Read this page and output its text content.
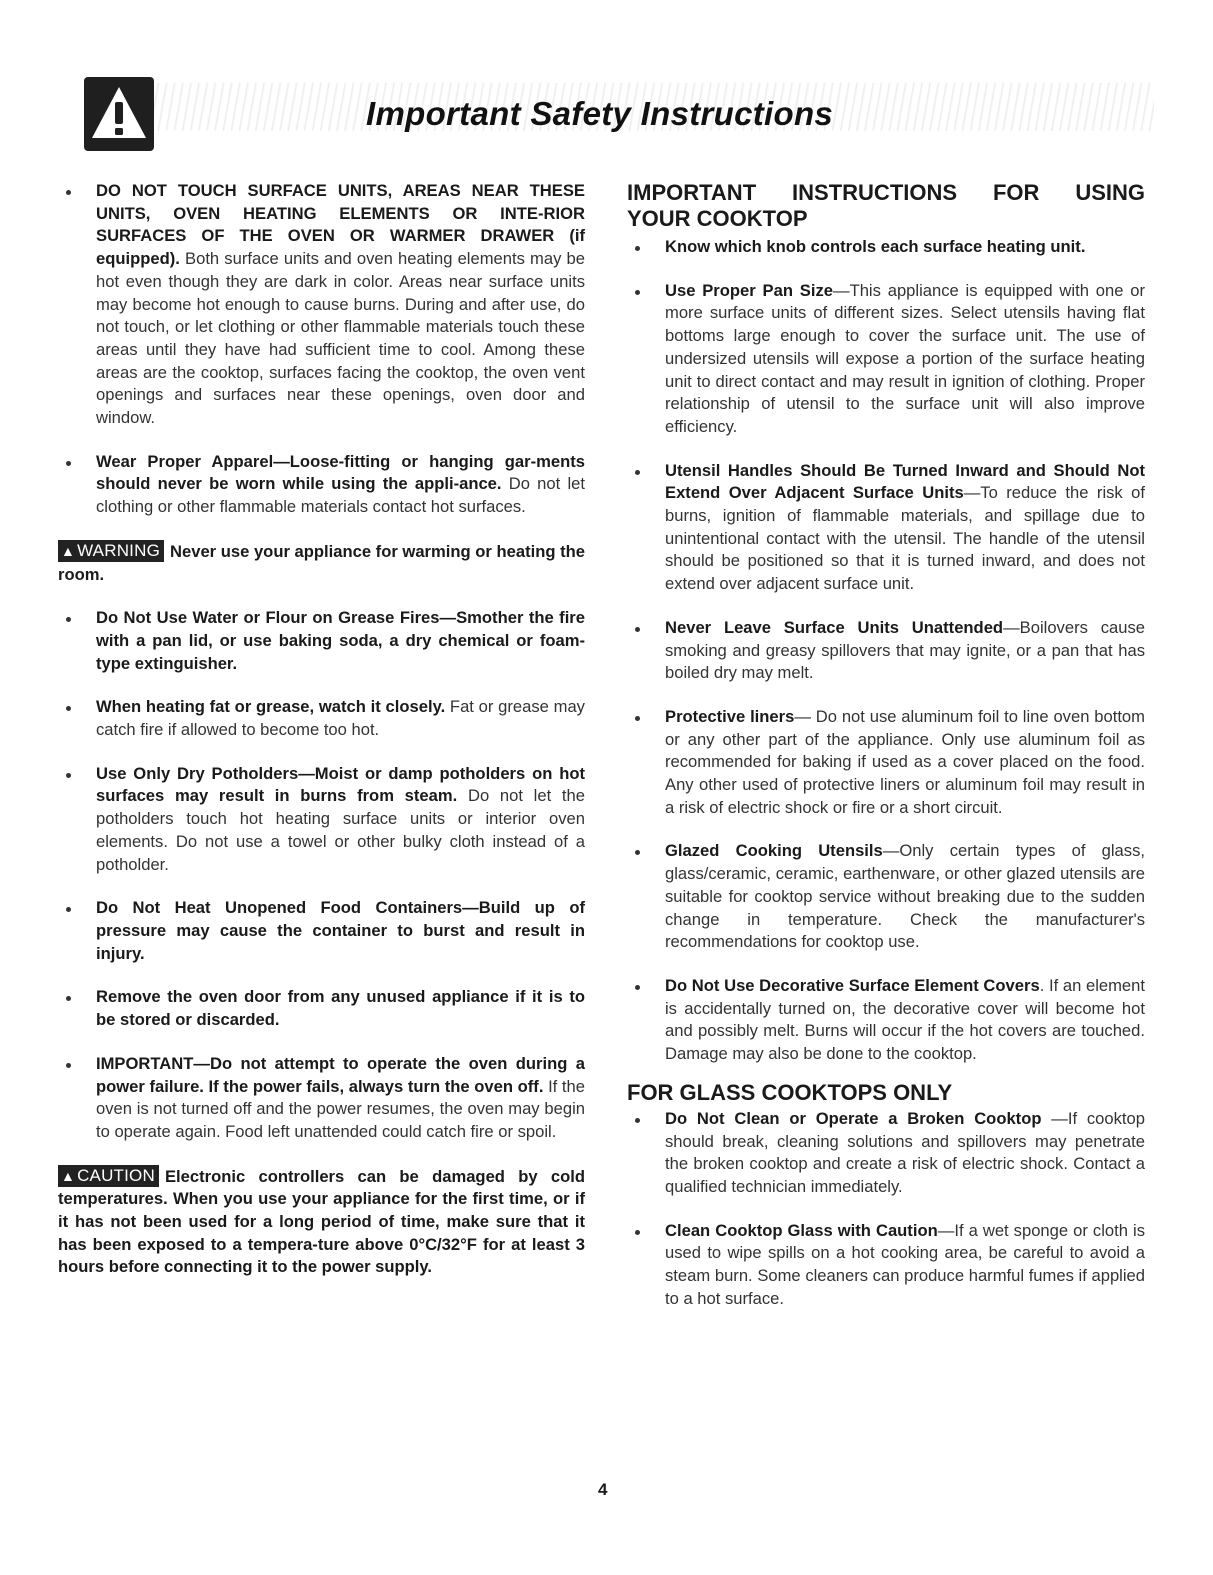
Important Safety Instructions

DO NOT TOUCH SURFACE UNITS, AREAS NEAR THESE UNITS, OVEN HEATING ELEMENTS OR INTE-RIOR SURFACES OF THE OVEN OR WARMER DRAWER (if equipped). Both surface units and oven heating elements may be hot even though they are dark in color. Areas near surface units may become hot enough to cause burns. During and after use, do not touch, or let clothing or other flammable materials touch these areas until they have had sufficient time to cool. Among these areas are the cooktop, surfaces facing the cooktop, the oven vent openings and surfaces near these openings, oven door and window.

Wear Proper Apparel—Loose-fitting or hanging gar-ments should never be worn while using the appli-ance. Do not let clothing or other flammable materials contact hot surfaces.

▲ WARNING Never use your appliance for warming or heating the room.

Do Not Use Water or Flour on Grease Fires—Smother the fire with a pan lid, or use baking soda, a dry chemical or foam-type extinguisher.

When heating fat or grease, watch it closely. Fat or grease may catch fire if allowed to become too hot.

Use Only Dry Potholders—Moist or damp potholders on hot surfaces may result in burns from steam. Do not let the potholders touch hot heating surface units or interior oven elements. Do not use a towel or other bulky cloth instead of a potholder.

Do Not Heat Unopened Food Containers—Build up of pressure may cause the container to burst and result in injury.

Remove the oven door from any unused appliance if it is to be stored or discarded.

IMPORTANT—Do not attempt to operate the oven during a power failure. If the power fails, always turn the oven off. If the oven is not turned off and the power resumes, the oven may begin to operate again. Food left unattended could catch fire or spoil.

▲ CAUTION Electronic controllers can be damaged by cold temperatures. When you use your appliance for the first time, or if it has not been used for a long period of time, make sure that it has been exposed to a tempera-ture above 0°C/32°F for at least 3 hours before connecting it to the power supply.

IMPORTANT INSTRUCTIONS FOR USING
YOUR COOKTOP

Know which knob controls each surface heating unit.

Use Proper Pan Size—This appliance is equipped with one or more surface units of different sizes. Select utensils having flat bottoms large enough to cover the surface unit. The use of undersized utensils will expose a portion of the surface heating unit to direct contact and may result in ignition of clothing. Proper relationship of utensil to the surface unit will also improve efficiency.

Utensil Handles Should Be Turned Inward and Should Not Extend Over Adjacent Surface Units—To reduce the risk of burns, ignition of flammable materials, and spillage due to unintentional contact with the utensil. The handle of the utensil should be positioned so that it is turned inward, and does not extend over adjacent surface unit.

Never Leave Surface Units Unattended—Boilovers cause smoking and greasy spillovers that may ignite, or a pan that has boiled dry may melt.

Protective liners— Do not use aluminum foil to line oven bottom or any other part of the appliance. Only use aluminum foil as recommended for baking if used as a cover placed on the food. Any other used of protective liners or aluminum foil may result in a risk of electric shock or fire or a short circuit.

Glazed Cooking Utensils—Only certain types of glass, glass/ceramic, ceramic, earthenware, or other glazed utensils are suitable for cooktop service without breaking due to the sudden change in temperature. Check the manufacturer's recommendations for cooktop use.

Do Not Use Decorative Surface Element Covers. If an element is accidentally turned on, the decorative cover will become hot and possibly melt. Burns will occur if the hot covers are touched. Damage may also be done to the cooktop.

FOR GLASS COOKTOPS ONLY

Do Not Clean or Operate a Broken Cooktop —If cooktop should break, cleaning solutions and spillovers may penetrate the broken cooktop and create a risk of electric shock. Contact a qualified technician immediately.

Clean Cooktop Glass with Caution—If a wet sponge or cloth is used to wipe spills on a hot cooking area, be careful to avoid a steam burn. Some cleaners can produce harmful fumes if applied to a hot surface.

4
